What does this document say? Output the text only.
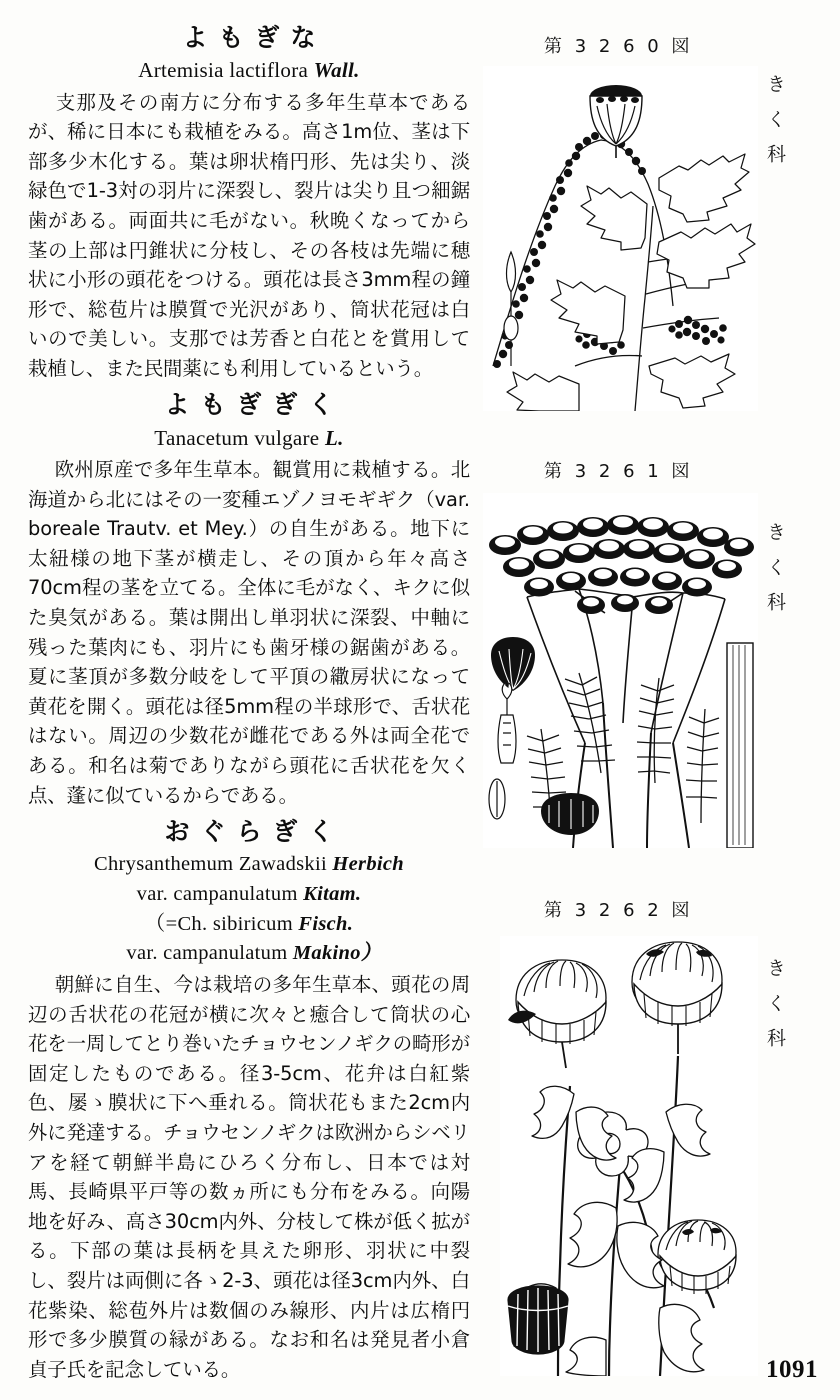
よもぎな
Artemisia lactiflora Wall.

支那及その南方に分布する多年生草本であるが、稀に日本にも栽植をみる。高さ1m位、茎は下部多少木化する。葉は卵状楕円形、先は尖り、淡緑色で1-3対の羽片に深裂し、裂片は尖り且つ細鋸歯がある。両面共に毛がない。秋晩くなってから茎の上部は円錐状に分枝し、その各枝は先端に穂状に小形の頭花をつける。頭花は長さ3mm程の鐘形で、総苞片は膜質で光沢があり、筒状花冠は白いので美しい。支那では芳香と白花とを賞用して栽植し、また民間薬にも利用しているという。

よもぎぎく
Tanacetum vulgare L.

欧州原産で多年生草本。観賞用に栽植する。北海道から北にはその一変種エゾノヨモギギク（var. boreale Trautv. et Mey.）の自生がある。地下に太紐様の地下茎が横走し、その頂から年々高さ70cm程の茎を立てる。全体に毛がなく、キクに似た臭気がある。葉は開出し単羽状に深裂、中軸に残った葉肉にも、羽片にも歯牙様の鋸歯がある。夏に茎頂が多数分岐をして平頂の繖房状になって黄花を開く。頭花は径5mm程の半球形で、舌状花はない。周辺の少数花が雌花である外は両全花である。和名は菊でありながら頭花に舌状花を欠く点、蓬に似ているからである。

おぐらぎく
Chrysanthemum Zawadskii Herbich
var. campanulatum Kitam.
（=Ch. sibiricum Fisch.
var. campanulatum Makino）

朝鮮に自生、今は栽培の多年生草本、頭花の周辺の舌状花の花冠が横に次々と癒合して筒状の心花を一周してとり巻いたチョウセンノギクの畸形が固定したものである。径3-5cm、花弁は白紅紫色、屡ゝ膜状に下へ垂れる。筒状花もまた2cm内外に発達する。チョウセンノギクは欧洲からシベリアを経て朝鮮半島にひろく分布し、日本では対馬、長崎県平戸等の数ヵ所にも分布をみる。向陽地を好み、高さ30cm内外、分枝して株が低く拡がる。下部の葉は長柄を具えた卵形、羽状に中裂し、裂片は両側に各ゝ2-3、頭花は径3cm内外、白花紫染、総苞外片は数個のみ線形、内片は広楕円形で多少膜質の縁がある。なお和名は発見者小倉貞子氏を記念している。

第 3 2 6 0 図
きく科
第 3 2 6 1 図
きく科
第 3 2 6 2 図
きく科
1091
